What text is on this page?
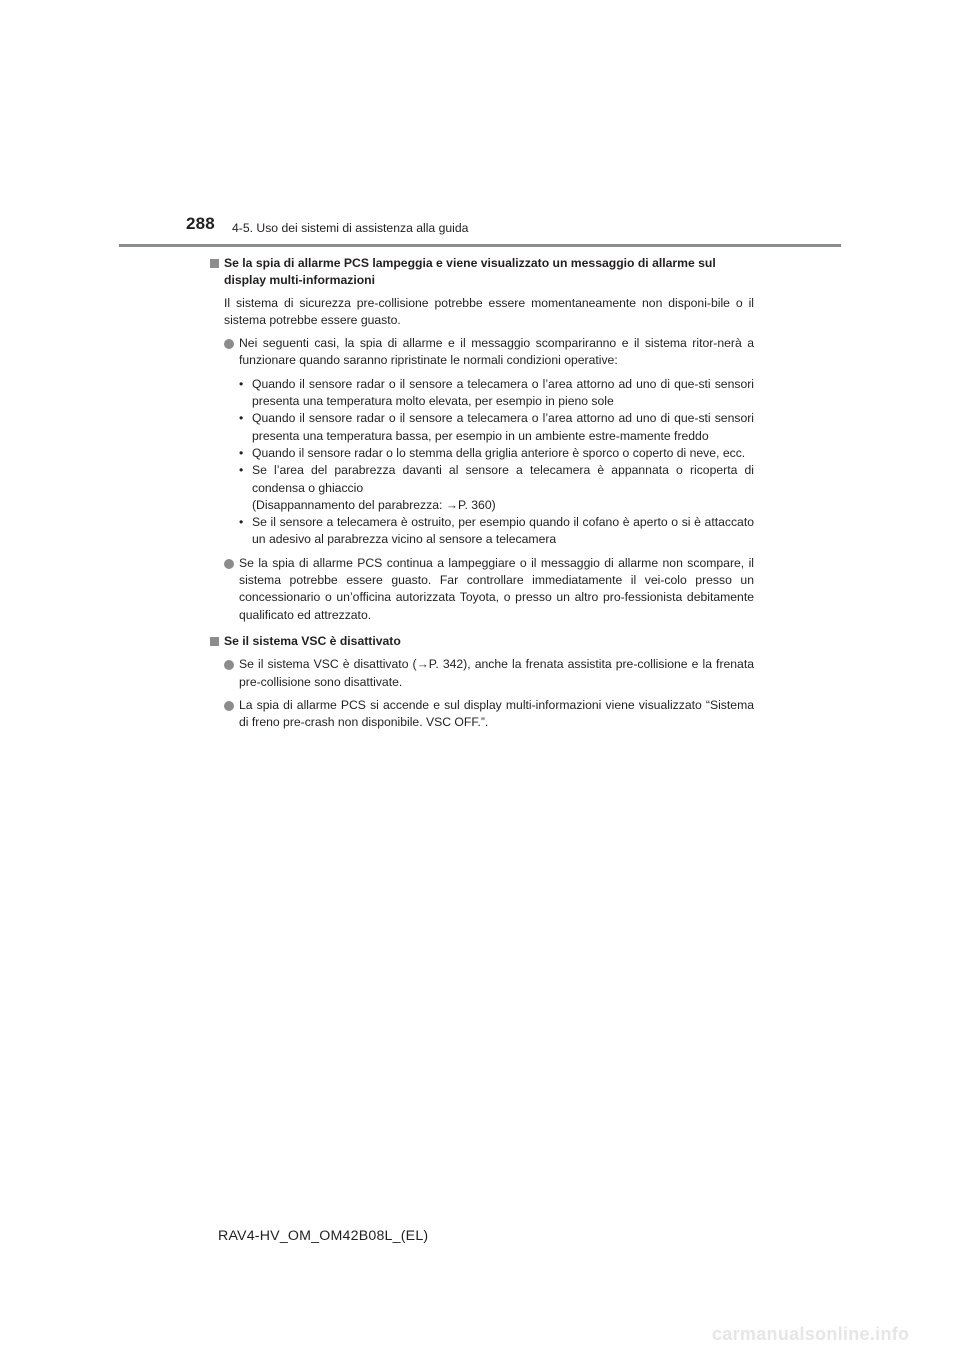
288 4-5. Uso dei sistemi di assistenza alla guida
Se la spia di allarme PCS lampeggia e viene visualizzato un messaggio di allarme sul display multi-informazioni
Il sistema di sicurezza pre-collisione potrebbe essere momentaneamente non disponi-bile o il sistema potrebbe essere guasto.
Nei seguenti casi, la spia di allarme e il messaggio scompariranno e il sistema ritor-nerà a funzionare quando saranno ripristinate le normali condizioni operative:
• Quando il sensore radar o il sensore a telecamera o l’area attorno ad uno di que-sti sensori presenta una temperatura molto elevata, per esempio in pieno sole
• Quando il sensore radar o il sensore a telecamera o l’area attorno ad uno di que-sti sensori presenta una temperatura bassa, per esempio in un ambiente estre-mamente freddo
• Quando il sensore radar o lo stemma della griglia anteriore è sporco o coperto di neve, ecc.
• Se l’area del parabrezza davanti al sensore a telecamera è appannata o ricoperta di condensa o ghiaccio
(Disappannamento del parabrezza: →P. 360)
• Se il sensore a telecamera è ostruito, per esempio quando il cofano è aperto o si è attaccato un adesivo al parabrezza vicino al sensore a telecamera
Se la spia di allarme PCS continua a lampeggiare o il messaggio di allarme non scompare, il sistema potrebbe essere guasto. Far controllare immediatamente il vei-colo presso un concessionario o un’officina autorizzata Toyota, o presso un altro pro-fessionista debitamente qualificato ed attrezzato.
Se il sistema VSC è disattivato
Se il sistema VSC è disattivato (→P. 342), anche la frenata assistita pre-collisione e la frenata pre-collisione sono disattivate.
La spia di allarme PCS si accende e sul display multi-informazioni viene visualizzato “Sistema di freno pre-crash non disponibile. VSC OFF.”.
RAV4-HV_OM_OM42B08L_(EL)
carmanualsonline.info
